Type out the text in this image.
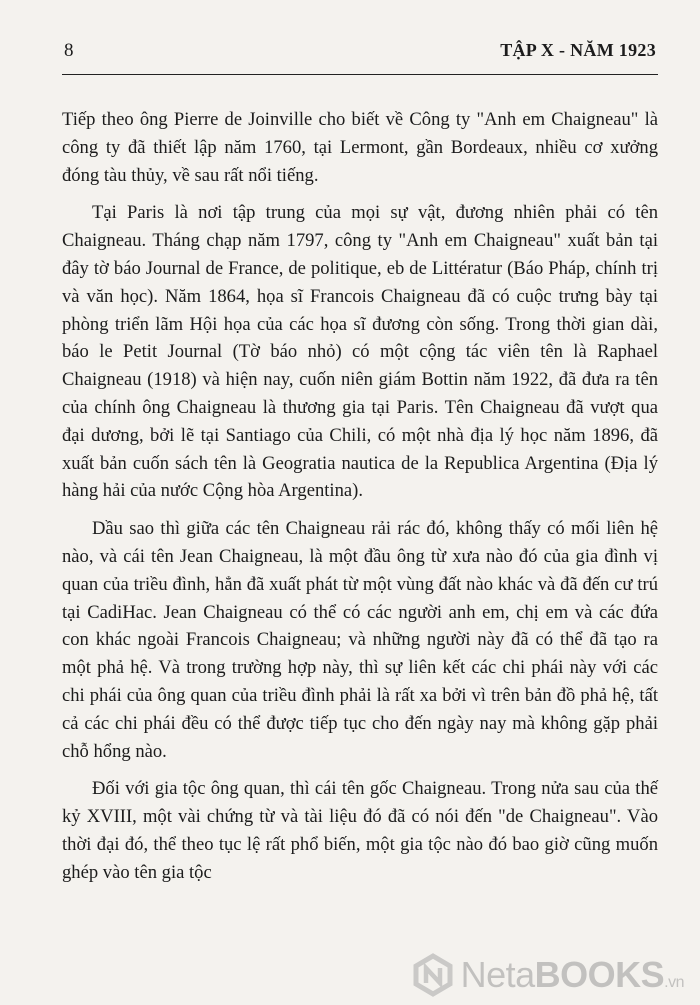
8	TẬP X - NĂM 1923

Tiếp theo ông Pierre de Joinville cho biết về Công ty "Anh em Chaigneau" là công ty đã thiết lập năm 1760, tại Lermont, gần Bordeaux, nhiều cơ xưởng đóng tàu thủy, về sau rất nổi tiếng.

Tại Paris là nơi tập trung của mọi sự vật, đương nhiên phải có tên Chaigneau. Tháng chạp năm 1797, công ty "Anh em Chaigneau" xuất bản tại đây tờ báo Journal de France, de politique, eb de Littératur (Báo Pháp, chính trị và văn học). Năm 1864, họa sĩ Francois Chaigneau đã có cuộc trưng bày tại phòng triển lãm Hội họa của các họa sĩ đương còn sống. Trong thời gian dài, báo le Petit Journal (Tờ báo nhỏ) có một cộng tác viên tên là Raphael Chaigneau (1918) và hiện nay, cuốn niên giám Bottin năm 1922, đã đưa ra tên của chính ông Chaigneau là thương gia tại Paris. Tên Chaigneau đã vượt qua đại dương, bởi lẽ tại Santiago của Chili, có một nhà địa lý học năm 1896, đã xuất bản cuốn sách tên là Geogratia nautica de la Republica Argentina (Địa lý hàng hải của nước Cộng hòa Argentina).

Dầu sao thì giữa các tên Chaigneau rải rác đó, không thấy có mối liên hệ nào, và cái tên Jean Chaigneau, là một đầu ông từ xưa nào đó của gia đình vị quan của triều đình, hẳn đã xuất phát từ một vùng đất nào khác và đã đến cư trú tại CadiHac. Jean Chaigneau có thể có các người anh em, chị em và các đứa con khác ngoài Francois Chaigneau; và những người này đã có thể đã tạo ra một phả hệ. Và trong trường hợp này, thì sự liên kết các chi phái này với các chi phái của ông quan của triều đình phải là rất xa bởi vì trên bản đồ phả hệ, tất cả các chi phái đều có thể được tiếp tục cho đến ngày nay mà không gặp phải chỗ hổng nào.

Đối với gia tộc ông quan, thì cái tên gốc Chaigneau. Trong nửa sau của thế kỷ XVIII, một vài chứng từ và tài liệu đó đã có nói đến "de Chaigneau". Vào thời đại đó, thể theo tục lệ rất phổ biến, một gia tộc nào đó bao giờ cũng muốn ghép vào tên gia tộc

NetaBOOKS.vn
